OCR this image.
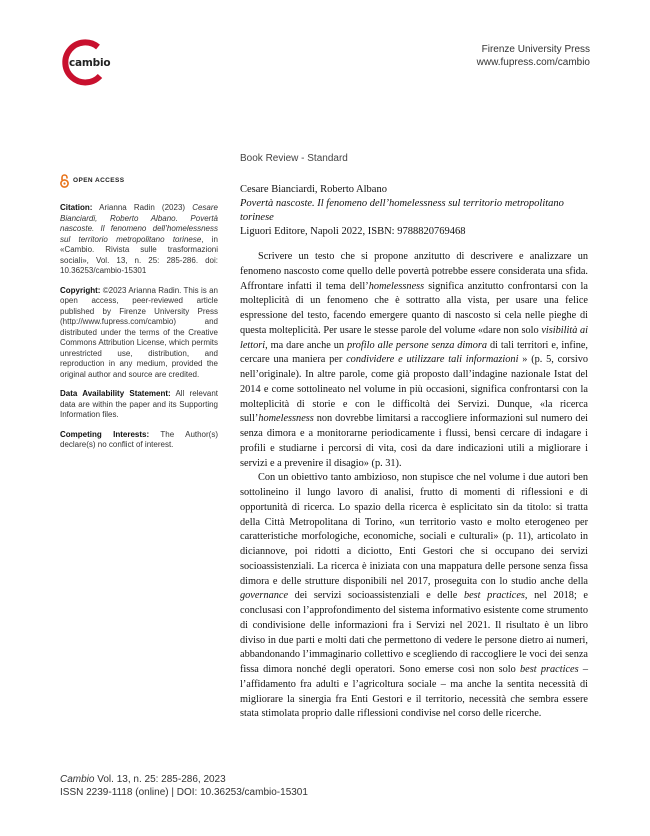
cambio
Firenze University Press
www.fupress.com/cambio
Book Review - Standard
OPEN ACCESS
Citation: Arianna Radin (2023) Cesare Bianciardi, Roberto Albano. Povertà nascoste. Il fenomeno dell’homelessness sul territorio metropolitano torinese, in «Cambio. Rivista sulle trasformazioni sociali», Vol. 13, n. 25: 285-286. doi: 10.36253/cambio-15301
Copyright: ©2023 Arianna Radin. This is an open access, peer-reviewed article published by Firenze University Press (http://www.fupress.com/cambio) and distributed under the terms of the Creative Commons Attribution License, which permits unrestricted use, distribution, and reproduction in any medium, provided the original author and source are credited.
Data Availability Statement: All relevant data are within the paper and its Supporting Information files.
Competing Interests: The Author(s) declare(s) no conflict of interest.
Cesare Bianciardi, Roberto Albano
Povertà nascoste. Il fenomeno dell’homelessness sul territorio metropolitano torinese
Liguori Editore, Napoli 2022, ISBN: 9788820769468

Scrivere un testo che si propone anzitutto di descrivere e analizzare un fenomeno nascosto come quello delle povertà potrebbe essere considerata una sfida. Affrontare infatti il tema dell’homelessness significa anzitutto confrontarsi con la molteplicità di un fenomeno che è sottratto alla vista, per usare una felice espressione del testo, facendo emergere quanto di nascosto si cela nelle pieghe di questa molteplicità. Per usare le stesse parole del volume «dare non solo visibilità ai lettori, ma dare anche un profilo alle persone senza dimora di tali territori e, infine, cercare una maniera per condividere e utilizzare tali informazioni » (p. 5, corsivo nell’originale). In altre parole, come già proposto dall’indagine nazionale Istat del 2014 e come sottolineato nel volume in più occasioni, significa confrontarsi con la molteplicità di storie e con le difficoltà dei Servizi. Dunque, «la ricerca sull’homelessness non dovrebbe limitarsi a raccogliere informazioni sul numero dei senza dimora e a monitorarne periodicamente i flussi, bensì cercare di indagare i profili e studiarne i percorsi di vita, così da dare indicazioni utili a migliorare i servizi e a prevenire il disagio» (p. 31).

Con un obiettivo tanto ambizioso, non stupisce che nel volume i due autori ben sottolineino il lungo lavoro di analisi, frutto di momenti di riflessioni e di opportunità di ricerca. Lo spazio della ricerca è esplicitato sin da titolo: si tratta della Città Metropolitana di Torino, «un territorio vasto e molto eterogeneo per caratteristiche morfologiche, economiche, sociali e culturali» (p. 11), articolato in diciannove, poi ridotti a diciotto, Enti Gestori che si occupano dei servizi socioassistenziali. La ricerca è iniziata con una mappatura delle persone senza fissa dimora e delle strutture disponibili nel 2017, proseguita con lo studio anche della governance dei servizi socioassistenziali e delle best practices, nel 2018; e conclusasi con l’approfondimento del sistema informativo esistente come strumento di condivisione delle informazioni fra i Servizi nel 2021. Il risultato è un libro diviso in due parti e molti dati che permettono di vedere le persone dietro ai numeri, abbandonando l’immaginario collettivo e scegliendo di raccogliere le voci dei senza fissa dimora nonché degli operatori. Sono emerse così non solo best practices – l’affidamento fra adulti e l’agricoltura sociale – ma anche la sentita necessità di migliorare la sinergia fra Enti Gestori e il territorio, necessità che sembra essere stata stimolata proprio dalle riflessioni condivise nel corso delle ricerche.

Cambio Vol. 13, n. 25: 285-286, 2023
ISSN 2239-1118 (online) | DOI: 10.36253/cambio-15301
